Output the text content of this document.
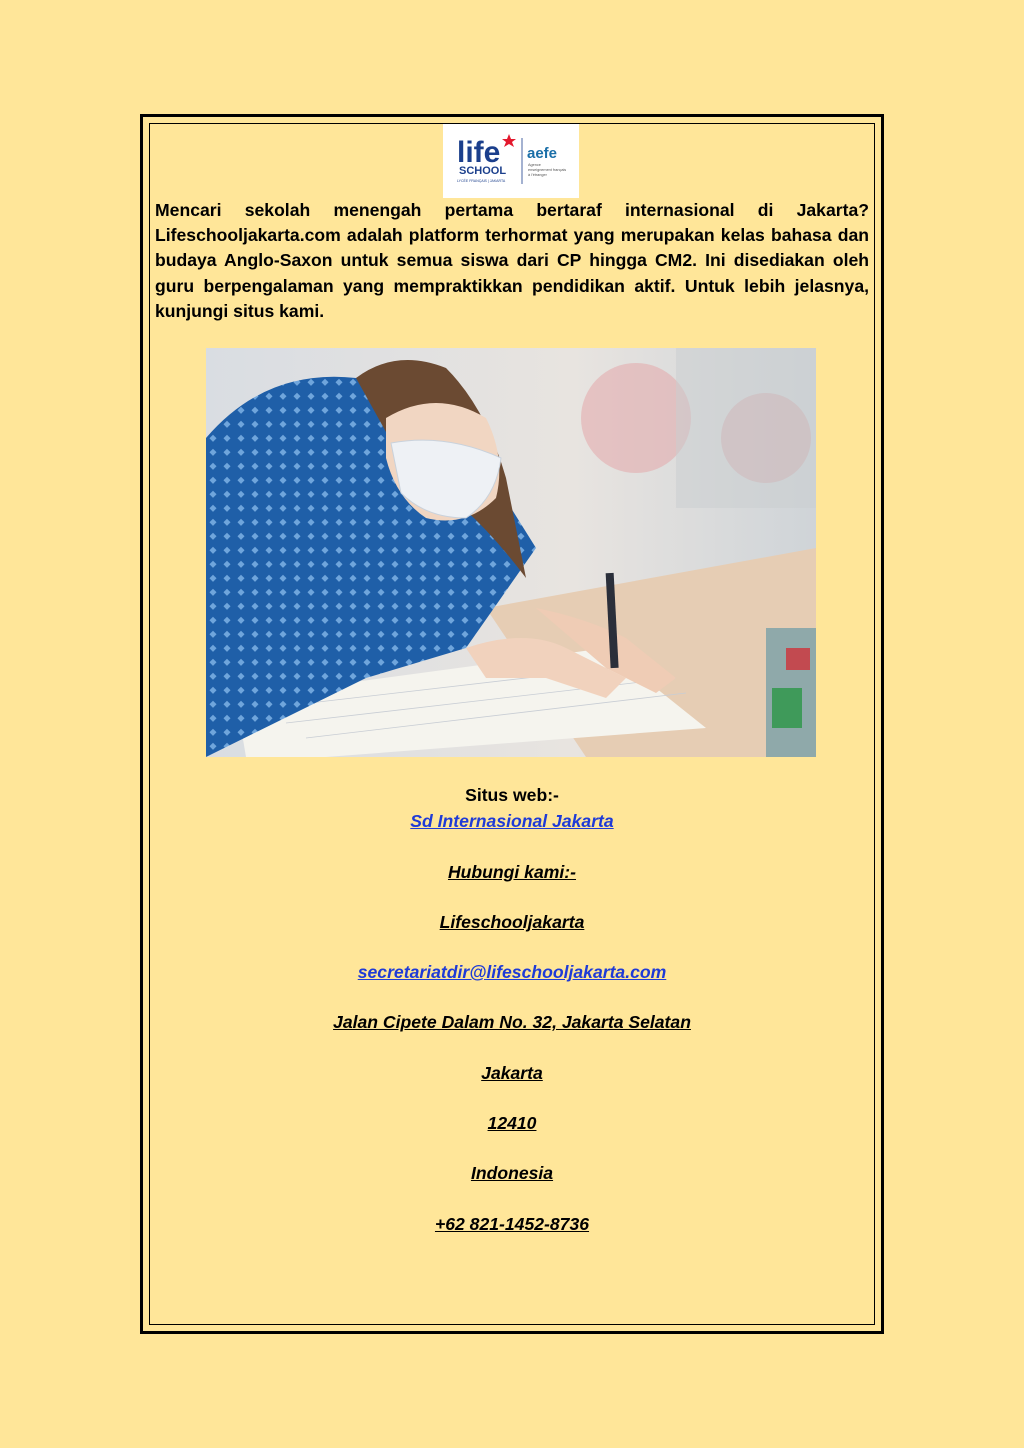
life
SCHOOL
LYCÉE FRANÇAIS | JAKARTA
aefe
Agence
enseignement français
à l'étranger

Mencari sekolah menengah pertama bertaraf internasional di Jakarta? Lifeschooljakarta.com adalah platform terhormat yang merupakan kelas bahasa dan budaya Anglo-Saxon untuk semua siswa dari CP hingga CM2. Ini disediakan oleh guru berpengalaman yang mempraktikkan pendidikan aktif. Untuk lebih jelasnya, kunjungi situs kami.

Situs web:-
Sd Internasional Jakarta
Hubungi kami:-
Lifeschooljakarta
secretariatdir@lifeschooljakarta.com
Jalan Cipete Dalam No. 32, Jakarta Selatan
Jakarta
12410
Indonesia
+62 821-1452-8736
